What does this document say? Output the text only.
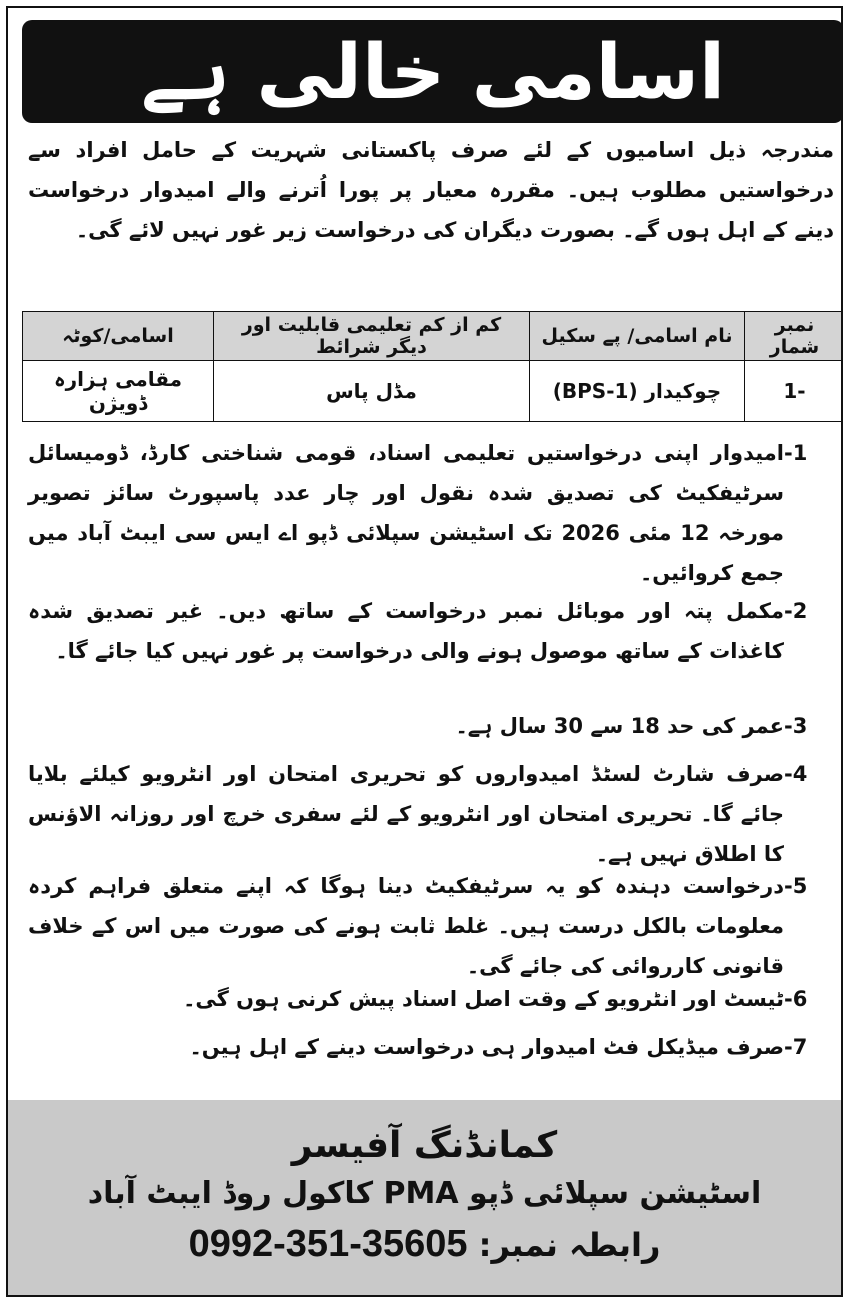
اسامی خالی ہے
مندرجہ ذیل اسامیوں کے لئے صرف پاکستانی شہریت کے حامل افراد سے درخواستیں مطلوب ہیں۔ مقررہ معیار پر پورا اُترنے والے امیدوار درخواست دینے کے اہل ہوں گے۔ بصورت دیگران کی درخواست زیر غور نہیں لائے گی۔
نمبر شمار	نام اسامی/ پے سکیل	کم از کم تعلیمی قابلیت اور دیگر شرائط	اسامی/کوٹہ
-1	چوکیدار (BPS-1)	مڈل پاس	مقامی ہزارہ ڈویژن
-1
امیدوار اپنی درخواستیں تعلیمی اسناد، قومی شناختی کارڈ، ڈومیسائل سرٹیفکیٹ کی تصدیق شدہ نقول اور چار عدد پاسپورٹ سائز تصویر مورخہ 12 مئی 2026 تک اسٹیشن سپلائی ڈپو اے ایس سی ایبٹ آباد میں جمع کروائیں۔
-2
مکمل پتہ اور موبائل نمبر درخواست کے ساتھ دیں۔ غیر تصدیق شدہ کاغذات کے ساتھ موصول ہونے والی درخواست پر غور نہیں کیا جائے گا۔
-3
عمر کی حد 18 سے 30 سال ہے۔
-4
صرف شارٹ لسٹڈ امیدواروں کو تحریری امتحان اور انٹرویو کیلئے بلایا جائے گا۔ تحریری امتحان اور انٹرویو کے لئے سفری خرچ اور روزانہ الاؤنس کا اطلاق نہیں ہے۔
-5
درخواست دہندہ کو یہ سرٹیفکیٹ دینا ہوگا کہ اپنے متعلق فراہم کردہ معلومات بالکل درست ہیں۔ غلط ثابت ہونے کی صورت میں اس کے خلاف قانونی کارروائی کی جائے گی۔
-6
ٹیسٹ اور انٹرویو کے وقت اصل اسناد پیش کرنی ہوں گی۔
-7
صرف میڈیکل فٹ امیدوار ہی درخواست دینے کے اہل ہیں۔
کمانڈنگ آفیسر
اسٹیشن سپلائی ڈپو PMA کاکول روڈ ایبٹ آباد
رابطہ نمبر: 0992-351-35605
